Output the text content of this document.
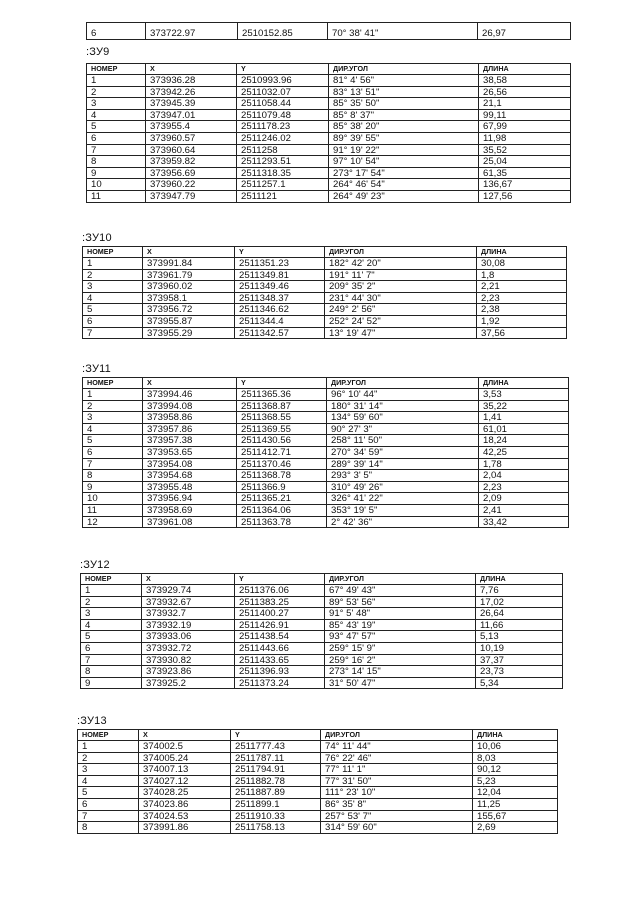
6	373722.97	2510152.85	70° 38' 41"	26,97
:ЗУ9
НОМЕР	X	Y	ДИР.УГОЛ	ДЛИНА
1	373936.28	2510993.96	81° 4' 56"	38,58
2	373942.26	2511032.07	83° 13' 51"	26,56
3	373945.39	2511058.44	85° 35' 50"	21,1
4	373947.01	2511079.48	85° 8' 37"	99,11
5	373955.4	2511178.23	85° 38' 20"	67,99
6	373960.57	2511246.02	89° 39' 55"	11,98
7	373960.64	2511258	91° 19' 22"	35,52
8	373959.82	2511293.51	97° 10' 54"	25,04
9	373956.69	2511318.35	273° 17' 54"	61,35
10	373960.22	2511257.1	264° 46' 54"	136,67
11	373947.79	2511121	264° 49' 23"	127,56
:ЗУ10
НОМЕР	X	Y	ДИР.УГОЛ	ДЛИНА
1	373991.84	2511351.23	182° 42' 20"	30,08
2	373961.79	2511349.81	191° 11' 7"	1,8
3	373960.02	2511349.46	209° 35' 2"	2,21
4	373958.1	2511348.37	231° 44' 30"	2,23
5	373956.72	2511346.62	249° 2' 56"	2,38
6	373955.87	2511344.4	252° 24' 52"	1,92
7	373955.29	2511342.57	13° 19' 47"	37,56
:ЗУ11
НОМЕР	X	Y	ДИР.УГОЛ	ДЛИНА
1	373994.46	2511365.36	96° 10' 44"	3,53
2	373994.08	2511368.87	180° 31' 14"	35,22
3	373958.86	2511368.55	134° 59' 60"	1,41
4	373957.86	2511369.55	90° 27' 3"	61,01
5	373957.38	2511430.56	258° 11' 50"	18,24
6	373953.65	2511412.71	270° 34' 59"	42,25
7	373954.08	2511370.46	289° 39' 14"	1,78
8	373954.68	2511368.78	293° 3' 5"	2,04
9	373955.48	2511366.9	310° 49' 26"	2,23
10	373956.94	2511365.21	326° 41' 22"	2,09
11	373958.69	2511364.06	353° 19' 5"	2,41
12	373961.08	2511363.78	2° 42' 36"	33,42
:ЗУ12
НОМЕР	X	Y	ДИР.УГОЛ	ДЛИНА
1	373929.74	2511376.06	67° 49' 43"	7,76
2	373932.67	2511383.25	89° 53' 56"	17,02
3	373932.7	2511400.27	91° 5' 48"	26,64
4	373932.19	2511426.91	85° 43' 19"	11,66
5	373933.06	2511438.54	93° 47' 57"	5,13
6	373932.72	2511443.66	259° 15' 9"	10,19
7	373930.82	2511433.65	259° 16' 2"	37,37
8	373923.86	2511396.93	273° 14' 15"	23,73
9	373925.2	2511373.24	31° 50' 47"	5,34
:ЗУ13
НОМЕР	X	Y	ДИР.УГОЛ	ДЛИНА
1	374002.5	2511777.43	74° 11' 44"	10,06
2	374005.24	2511787.11	76° 22' 46"	8,03
3	374007.13	2511794.91	77° 11' 1"	90,12
4	374027.12	2511882.78	77° 31' 50"	5,23
5	374028.25	2511887.89	111° 23' 10"	12,04
6	374023.86	2511899.1	86° 35' 8"	11,25
7	374024.53	2511910.33	257° 53' 7"	155,67
8	373991.86	2511758.13	314° 59' 60"	2,69
